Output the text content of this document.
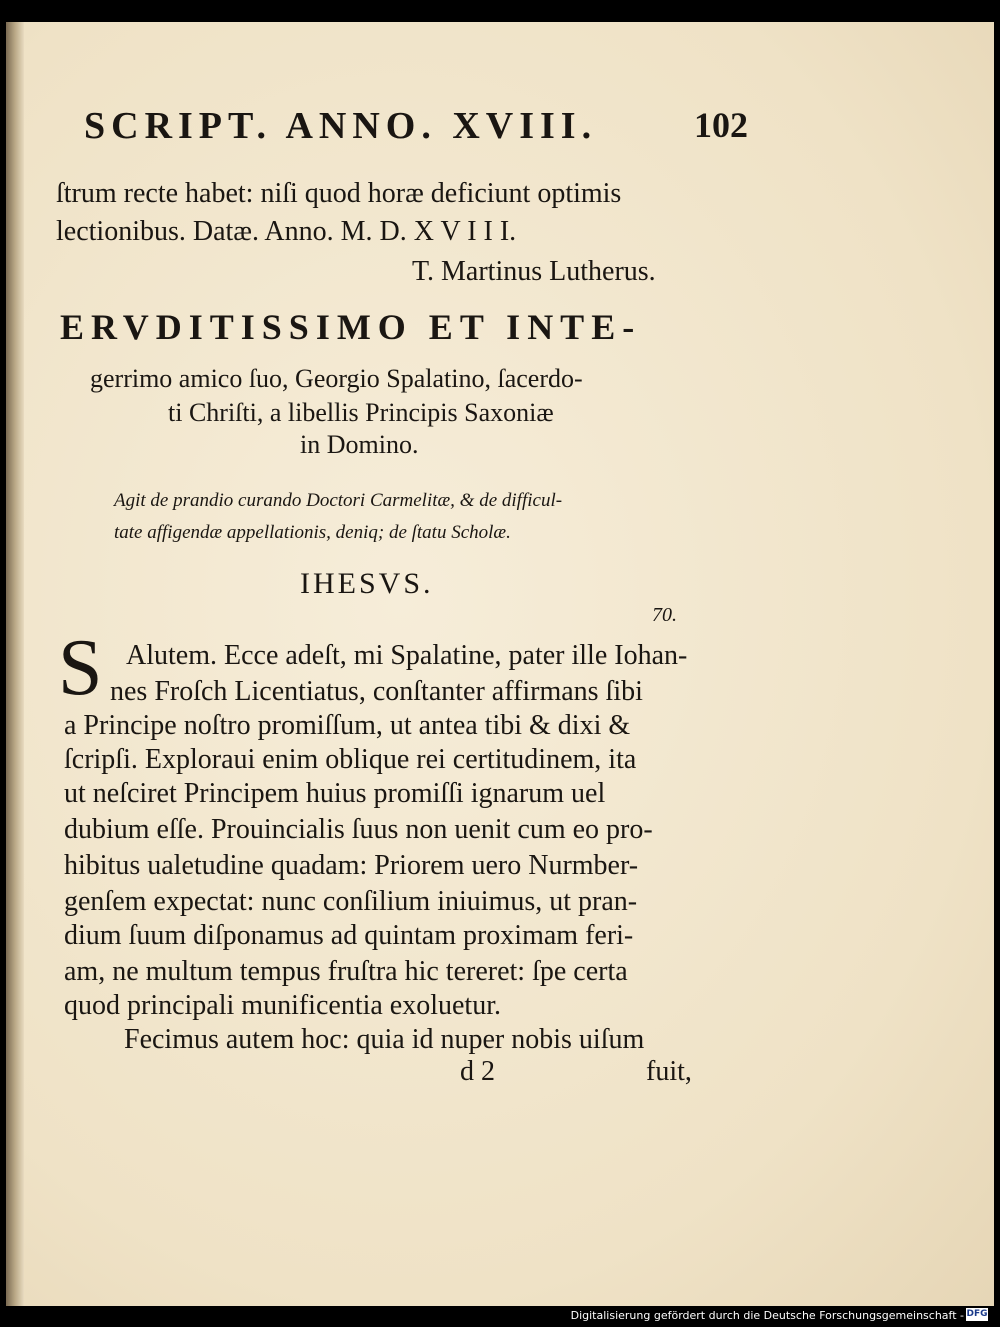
SCRIPT. ANNO. XVIII.	102
ſtrum recte habet: niſi quod horæ deficiunt optimis
lectionibus. Datæ. Anno. M. D. X V I I I.
T. Martinus Lutherus.
ERVDITISSIMO ET INTE-
gerrimo amico ſuo, Georgio Spalatino, ſacerdo-
ti Chriſti, a libellis Principis Saxoniæ
in Domino.
Agit de prandio curando Doctori Carmelitæ, & de difficul-
tate affigendæ appellationis, deniq; de ſtatu Scholæ.
IHESVS.
70.
S Alutem. Ecce adeſt, mi Spalatine, pater ille Iohan-
nes Froſch Licentiatus, conſtanter affirmans ſibi
a Principe noſtro promiſſum, ut antea tibi & dixi &
ſcripſi. Exploraui enim oblique rei certitudinem, ita
ut neſciret Principem huius promiſſi ignarum uel
dubium eſſe. Prouincialis ſuus non uenit cum eo pro-
hibitus ualetudine quadam: Priorem uero Nurmber-
genſem expectat: nunc conſilium iniuimus, ut pran-
dium ſuum diſponamus ad quintam proximam feri-
am, ne multum tempus fruſtra hic tereret: ſpe certa
quod principali munificentia exoluetur.
Fecimus autem hoc: quia id nuper nobis uiſum
d 2	fuit,
Digitalisierung gefördert durch die Deutsche Forschungsgemeinschaft - DFG
